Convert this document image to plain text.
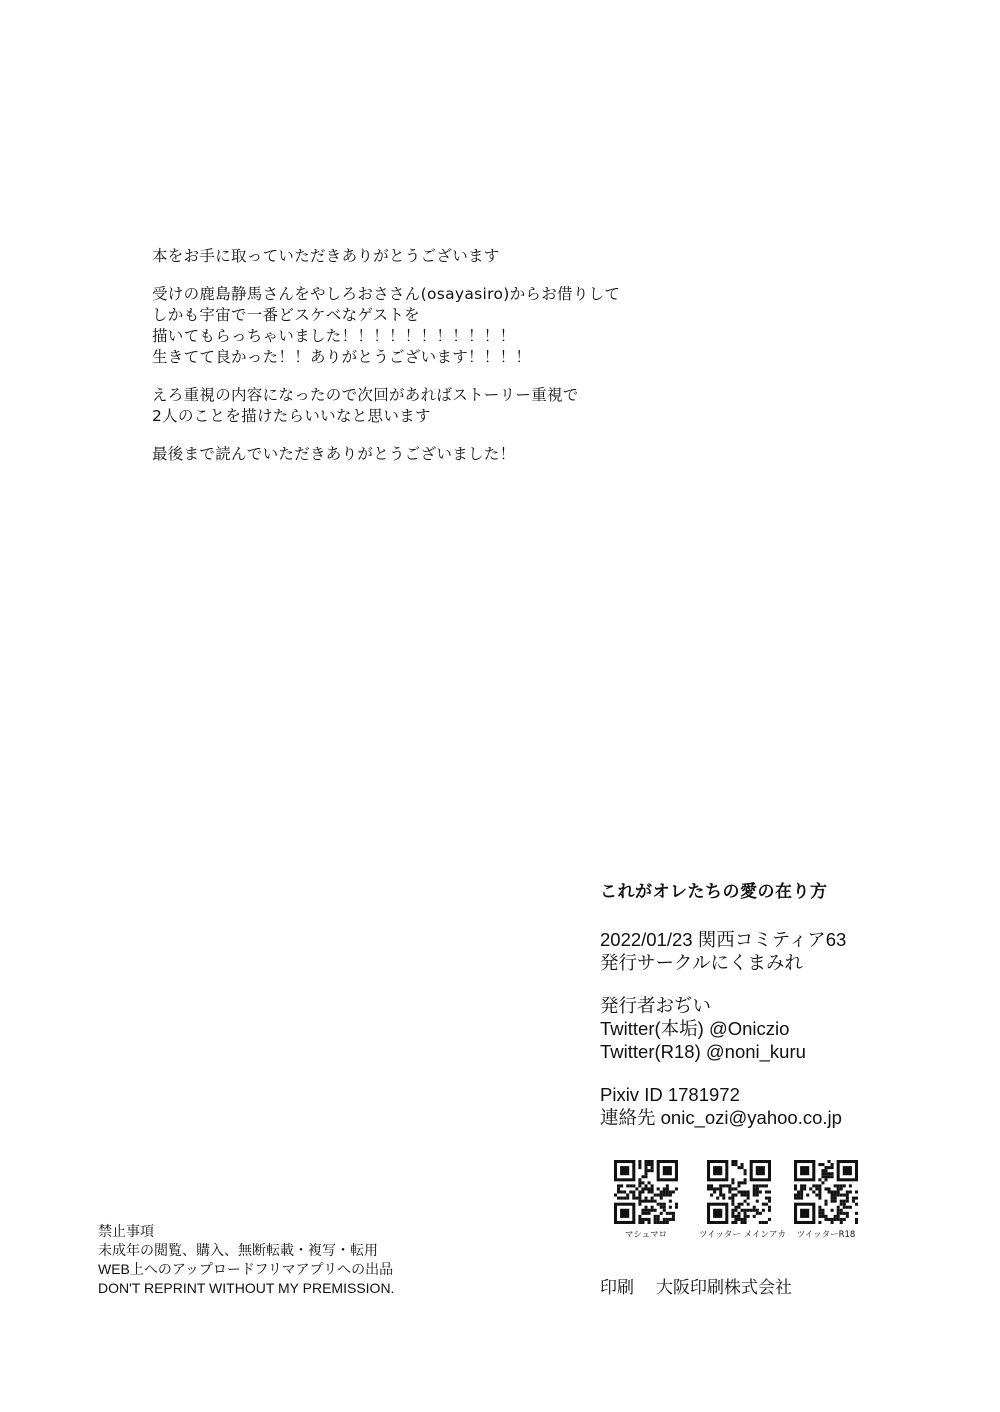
本をお手に取っていただきありがとうございます

受けの鹿島静馬さんをやしろおささん(osayasiro)からお借りして
しかも宇宙で一番どスケベなゲストを
描いてもらっちゃいました！！！！！！！！！！！
生きてて良かった！！ありがとうございます！！！！

えろ重視の内容になったので次回があればストーリー重視で
2人のことを描けたらいいなと思います

最後まで読んでいただきありがとうございました！

これがオレたちの愛の在り方
2022/01/23 関西コミティア63
発行サークルにくまみれ
発行者おぢい
Twitter(本垢) @Oniczio
Twitter(R18) @noni_kuru
Pixiv ID 1781972
連絡先 onic_ozi@yahoo.co.jp
マシュマロ	ツイッター メインアカ	ツイッターR18
印刷 大阪印刷株式会社
禁止事項
未成年の閲覧、購入、無断転載・複写・転用
WEB上へのアップロードフリマアプリへの出品
DON'T REPRINT WITHOUT MY PREMISSION.
